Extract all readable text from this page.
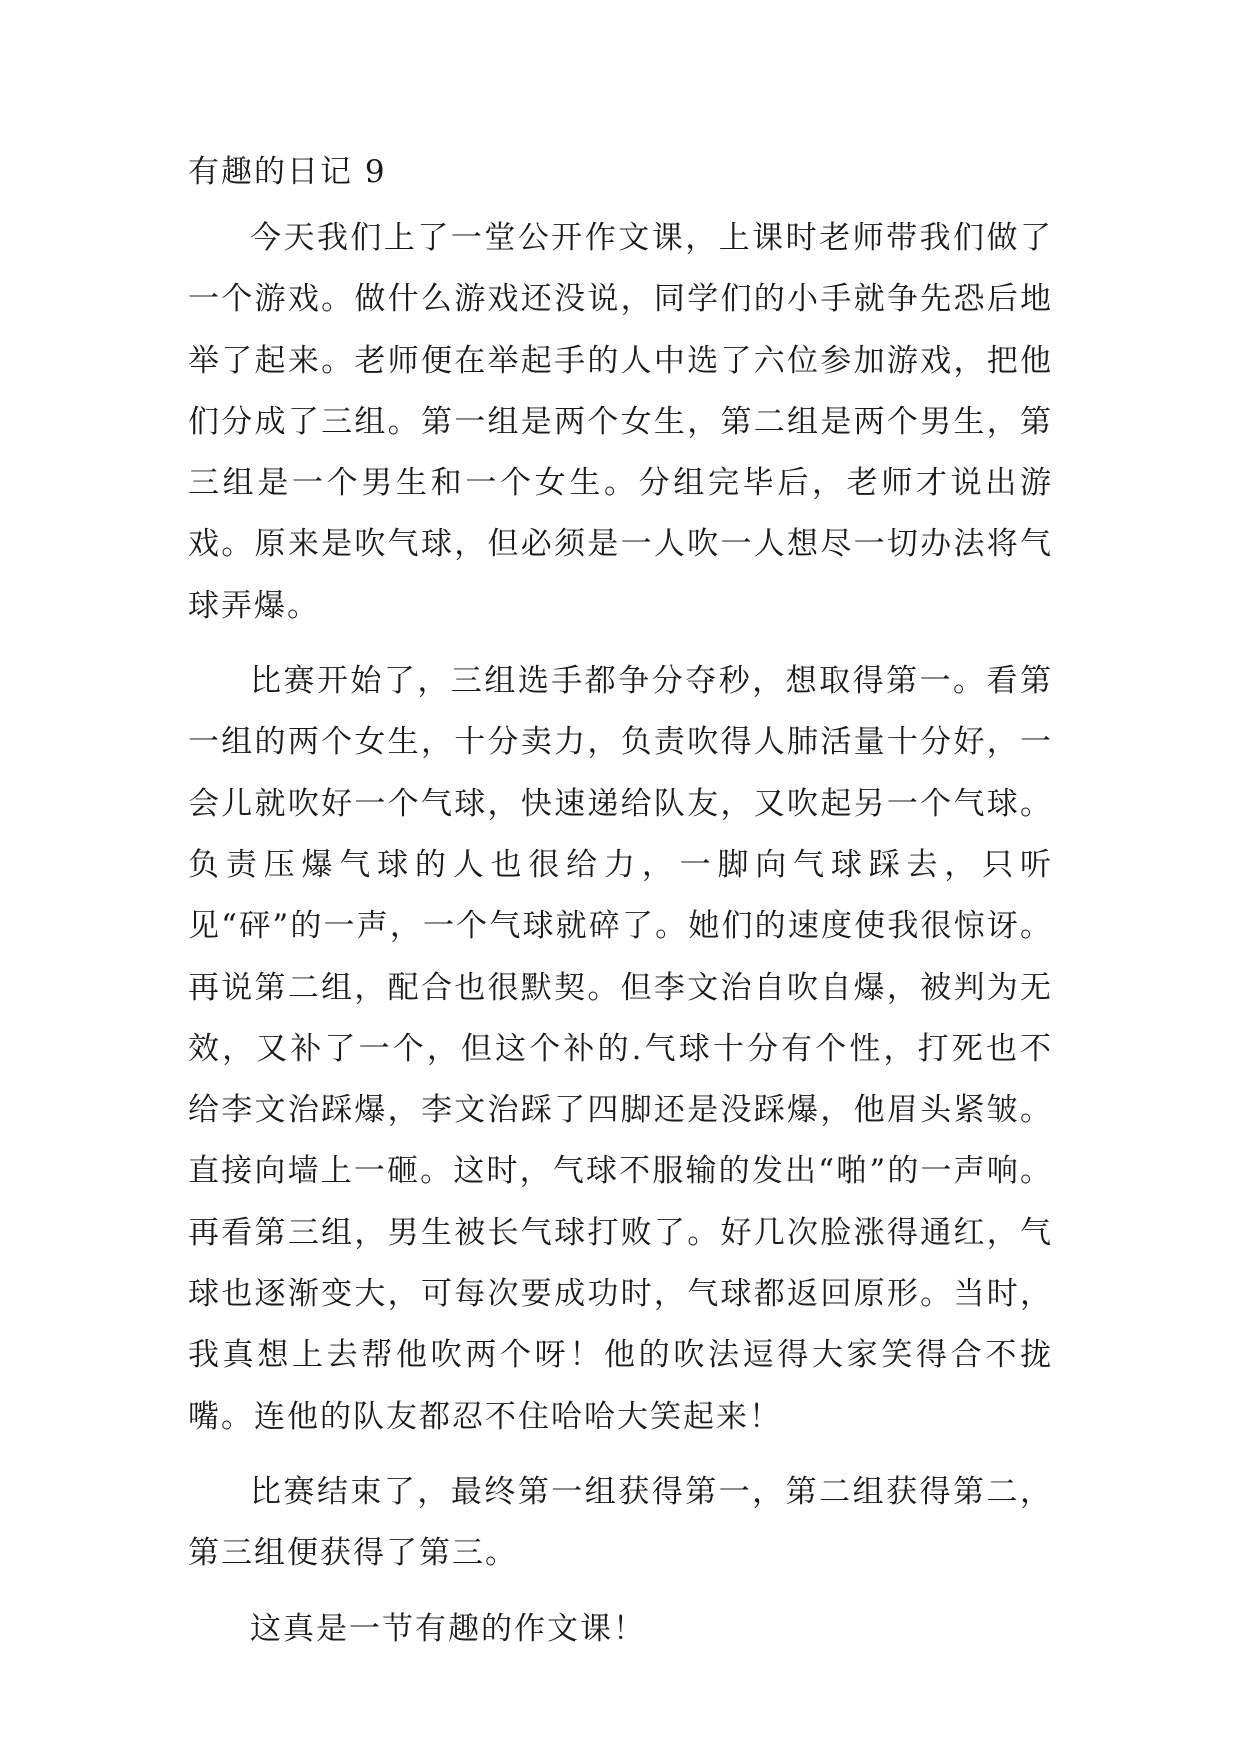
有趣的日记 9

今天我们上了一堂公开作文课，上课时老师带我们做了一个游戏。做什么游戏还没说，同学们的小手就争先恐后地举了起来。老师便在举起手的人中选了六位参加游戏，把他们分成了三组。第一组是两个女生，第二组是两个男生，第三组是一个男生和一个女生。分组完毕后，老师才说出游戏。原来是吹气球，但必须是一人吹一人想尽一切办法将气球弄爆。

比赛开始了，三组选手都争分夺秒，想取得第一。看第一组的两个女生，十分卖力，负责吹得人肺活量十分好，一会儿就吹好一个气球，快速递给队友，又吹起另一个气球。负责压爆气球的人也很给力，一脚向气球踩去，只听见“砰”的一声，一个气球就碎了。她们的速度使我很惊讶。再说第二组，配合也很默契。但李文治自吹自爆，被判为无效，又补了一个，但这个补的.气球十分有个性，打死也不给李文治踩爆，李文治踩了四脚还是没踩爆，他眉头紧皱。直接向墙上一砸。这时，气球不服输的发出“啪”的一声响。再看第三组，男生被长气球打败了。好几次脸涨得通红，气球也逐渐变大，可每次要成功时，气球都返回原形。当时，我真想上去帮他吹两个呀！他的吹法逗得大家笑得合不拢嘴。连他的队友都忍不住哈哈大笑起来！

比赛结束了，最终第一组获得第一，第二组获得第二，第三组便获得了第三。

这真是一节有趣的作文课！
